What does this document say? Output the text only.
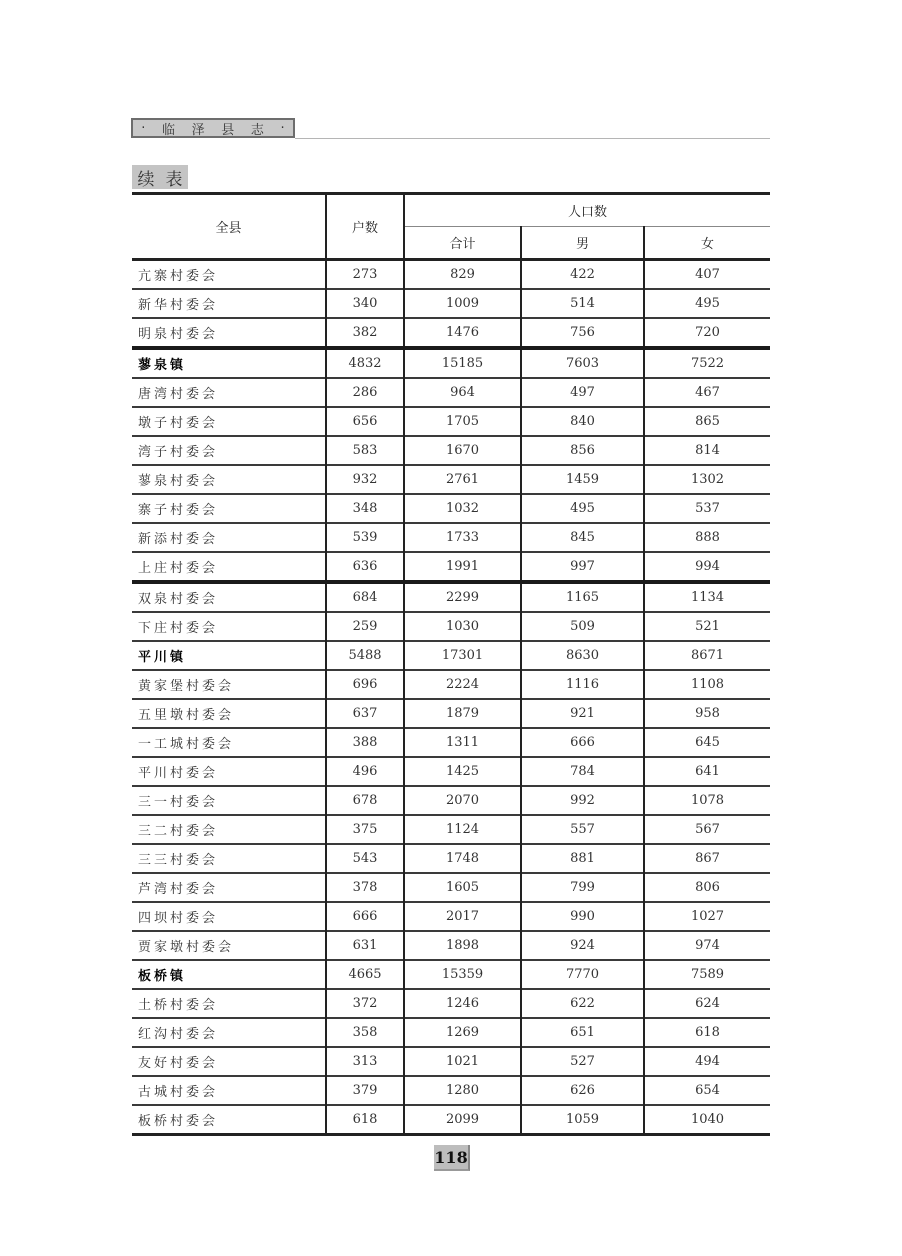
· 临 泽 县 志 ·
续 表
全县	户数	人口数		
		合计	男	女
亢寨村委会	273	829	422	407
新华村委会	340	1009	514	495
明泉村委会	382	1476	756	720
蓼泉镇	4832	15185	7603	7522
唐湾村委会	286	964	497	467
墩子村委会	656	1705	840	865
湾子村委会	583	1670	856	814
蓼泉村委会	932	2761	1459	1302
寨子村委会	348	1032	495	537
新添村委会	539	1733	845	888
上庄村委会	636	1991	997	994
双泉村委会	684	2299	1165	1134
下庄村委会	259	1030	509	521
平川镇	5488	17301	8630	8671
黄家堡村委会	696	2224	1116	1108
五里墩村委会	637	1879	921	958
一工城村委会	388	1311	666	645
平川村委会	496	1425	784	641
三一村委会	678	2070	992	1078
三二村委会	375	1124	557	567
三三村委会	543	1748	881	867
芦湾村委会	378	1605	799	806
四坝村委会	666	2017	990	1027
贾家墩村委会	631	1898	924	974
板桥镇	4665	15359	7770	7589
土桥村委会	372	1246	622	624
红沟村委会	358	1269	651	618
友好村委会	313	1021	527	494
古城村委会	379	1280	626	654
板桥村委会	618	2099	1059	1040
118
